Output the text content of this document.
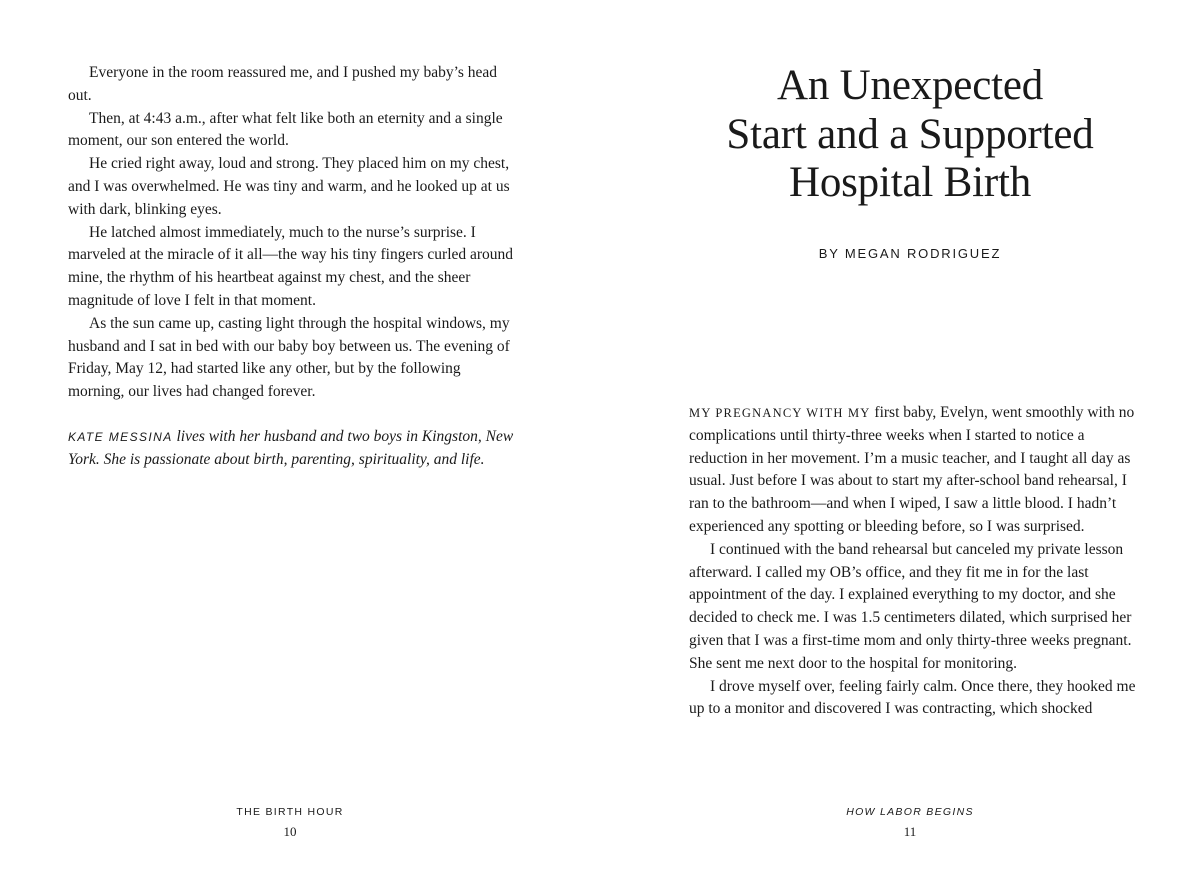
Everyone in the room reassured me, and I pushed my baby’s head out.

Then, at 4:43 a.m., after what felt like both an eternity and a single moment, our son entered the world.

He cried right away, loud and strong. They placed him on my chest, and I was overwhelmed. He was tiny and warm, and he looked up at us with dark, blinking eyes.

He latched almost immediately, much to the nurse’s surprise. I marveled at the miracle of it all—the way his tiny fingers curled around mine, the rhythm of his heartbeat against my chest, and the sheer magnitude of love I felt in that moment.

As the sun came up, casting light through the hospital windows, my husband and I sat in bed with our baby boy between us. The evening of Friday, May 12, had started like any other, but by the following morning, our lives had changed forever.

KATE MESSINA lives with her husband and two boys in Kingston, New York. She is passionate about birth, parenting, spirituality, and life.

THE BIRTH HOUR
10
An Unexpected
Start and a Supported
Hospital Birth

BY MEGAN RODRIGUEZ

MY PREGNANCY WITH MY first baby, Evelyn, went smoothly with no complications until thirty-three weeks when I started to notice a reduction in her movement. I’m a music teacher, and I taught all day as usual. Just before I was about to start my after-school band rehearsal, I ran to the bathroom—and when I wiped, I saw a little blood. I hadn’t experienced any spotting or bleeding before, so I was surprised.

I continued with the band rehearsal but canceled my private lesson afterward. I called my OB’s office, and they fit me in for the last appointment of the day. I explained everything to my doctor, and she decided to check me. I was 1.5 centimeters dilated, which surprised her given that I was a first-time mom and only thirty-three weeks pregnant. She sent me next door to the hospital for monitoring.

I drove myself over, feeling fairly calm. Once there, they hooked me up to a monitor and discovered I was contracting, which shocked

HOW LABOR BEGINS
11
